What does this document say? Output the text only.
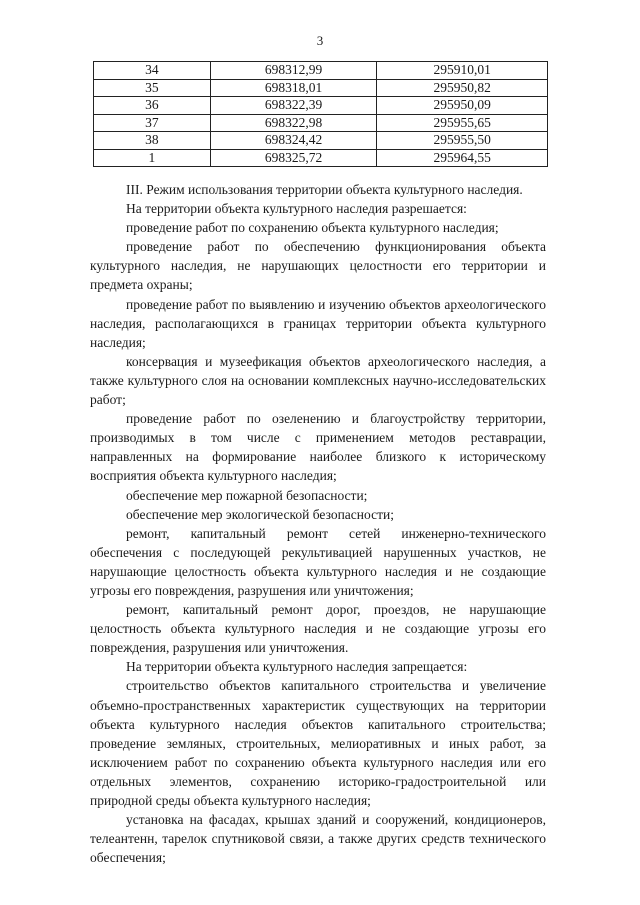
3
34	698312,99	295910,01
35	698318,01	295950,82
36	698322,39	295950,09
37	698322,98	295955,65
38	698324,42	295955,50
1	698325,72	295964,55

III. Режим использования территории объекта культурного наследия.

На территории объекта культурного наследия разрешается:

проведение работ по сохранению объекта культурного наследия;

проведение работ по обеспечению функционирования объекта культурного наследия, не нарушающих целостности его территории и предмета охраны;

проведение работ по выявлению и изучению объектов археологического наследия, располагающихся в границах территории объекта культурного наследия;

консервация и музеефикация объектов археологического наследия, а также культурного слоя на основании комплексных научно-исследовательских работ;

проведение работ по озеленению и благоустройству территории, производимых в том числе с применением методов реставрации, направленных на формирование наиболее близкого к историческому восприятия объекта культурного наследия;

обеспечение мер пожарной безопасности;

обеспечение мер экологической безопасности;

ремонт, капитальный ремонт сетей инженерно-технического обеспечения с последующей рекультивацией нарушенных участков, не нарушающие целостность объекта культурного наследия и не создающие угрозы его повреждения, разрушения или уничтожения;

ремонт, капитальный ремонт дорог, проездов, не нарушающие целостность объекта культурного наследия и не создающие угрозы его повреждения, разрушения или уничтожения.

На территории объекта культурного наследия запрещается:

строительство объектов капитального строительства и увеличение объемно-пространственных характеристик существующих на территории объекта культурного наследия объектов капитального строительства; проведение земляных, строительных, мелиоративных и иных работ, за исключением работ по сохранению объекта культурного наследия или его отдельных элементов, сохранению историко-градостроительной или природной среды объекта культурного наследия;

установка на фасадах, крышах зданий и сооружений, кондиционеров, телеантенн, тарелок спутниковой связи, а также других средств технического обеспечения;
